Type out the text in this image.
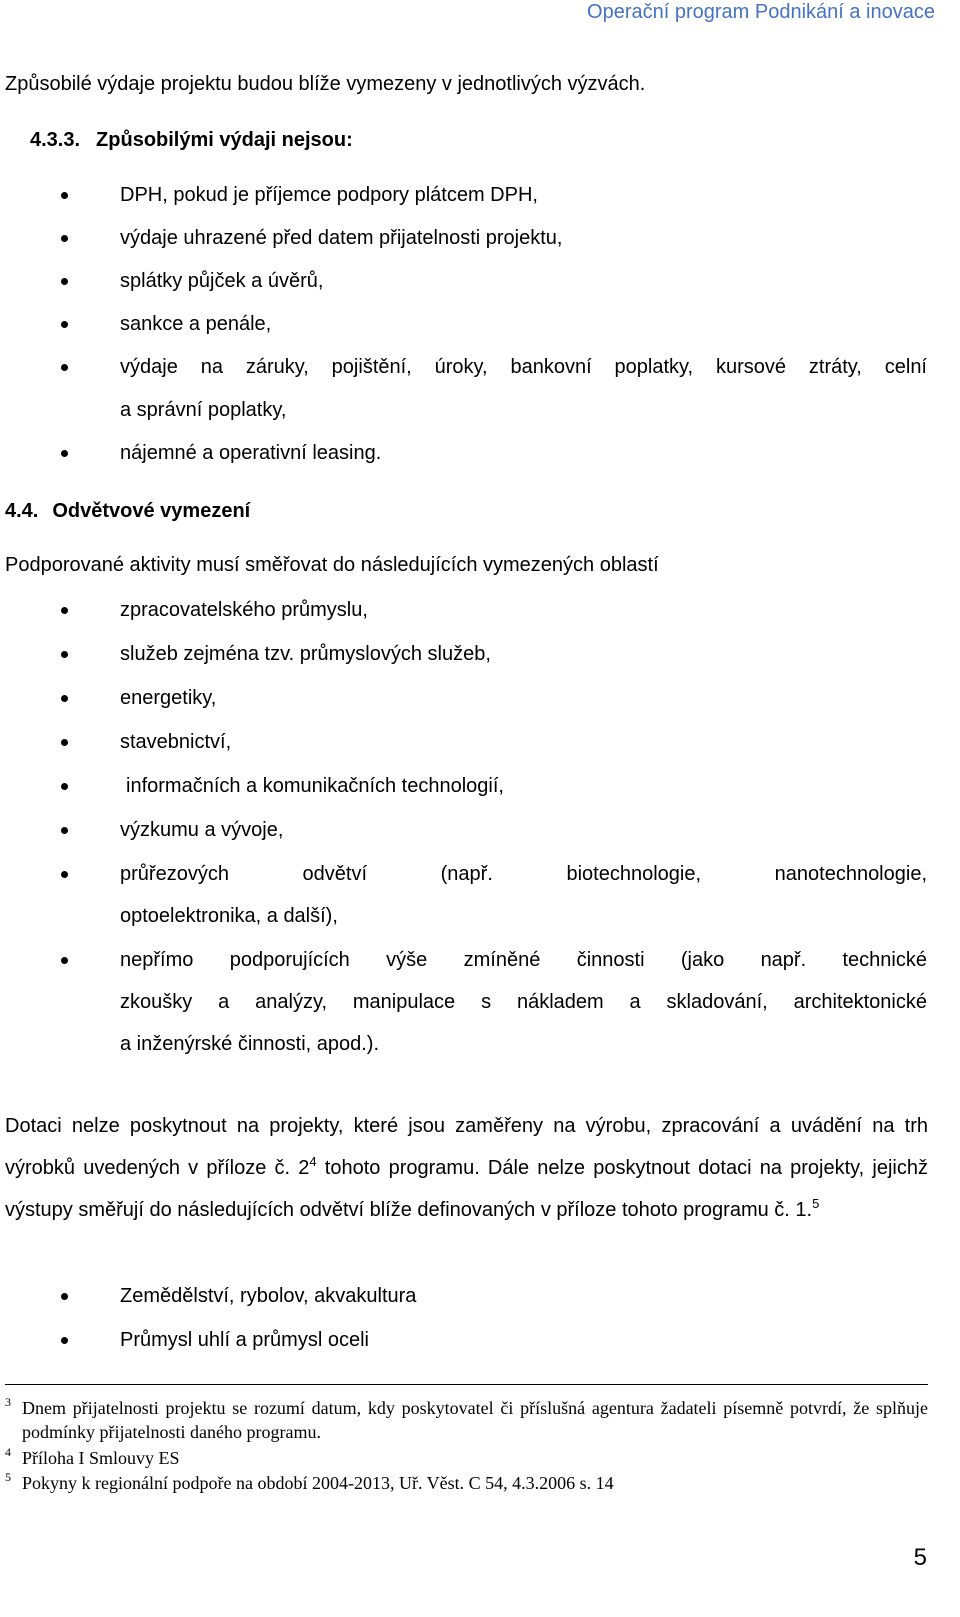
Operační program Podnikání a inovace
Způsobilé výdaje projektu budou blíže vymezeny v jednotlivých výzvách.
4.3.3. Způsobilými výdaji nejsou:
DPH, pokud je příjemce podpory plátcem DPH,
výdaje uhrazené před datem přijatelnosti projektu,
splátky půjček a úvěrů,
sankce a penále,
výdaje na záruky, pojištění, úroky, bankovní poplatky, kursové ztráty, celní
a správní poplatky,
nájemné a operativní leasing.
4.4. Odvětvové vymezení
Podporované aktivity musí směřovat do následujících vymezených oblastí
zpracovatelského průmyslu,
služeb zejména tzv. průmyslových služeb,
energetiky,
stavebnictví,
informačních a komunikačních technologií,
výzkumu a vývoje,
průřezových odvětví (např. biotechnologie, nanotechnologie,
optoelektronika, a další),
nepřímo podporujících výše zmíněné činnosti (jako např. technické
zkoušky a analýzy, manipulace s nákladem a skladování, architektonické
a inženýrské činnosti, apod.).
Dotaci nelze poskytnout na projekty, které jsou zaměřeny na výrobu, zpracování a uvádění na trh výrobků uvedených v příloze č. $2^4$ tohoto programu. Dále nelze poskytnout dotaci na projekty, jejichž výstupy směřují do následujících odvětví blíže definovaných v příloze tohoto programu č. 1.$^5$
Zemědělství, rybolov, akvakultura
Průmysl uhlí a průmysl oceli
3 Dnem přijatelnosti projektu se rozumí datum, kdy poskytovatel či příslušná agentura žadateli písemně potvrdí, že splňuje podmínky přijatelnosti daného programu.
4 Příloha I Smlouvy ES
5 Pokyny k regionální podpoře na období 2004-2013, Uř. Věst. C 54, 4.3.2006 s. 14
5
